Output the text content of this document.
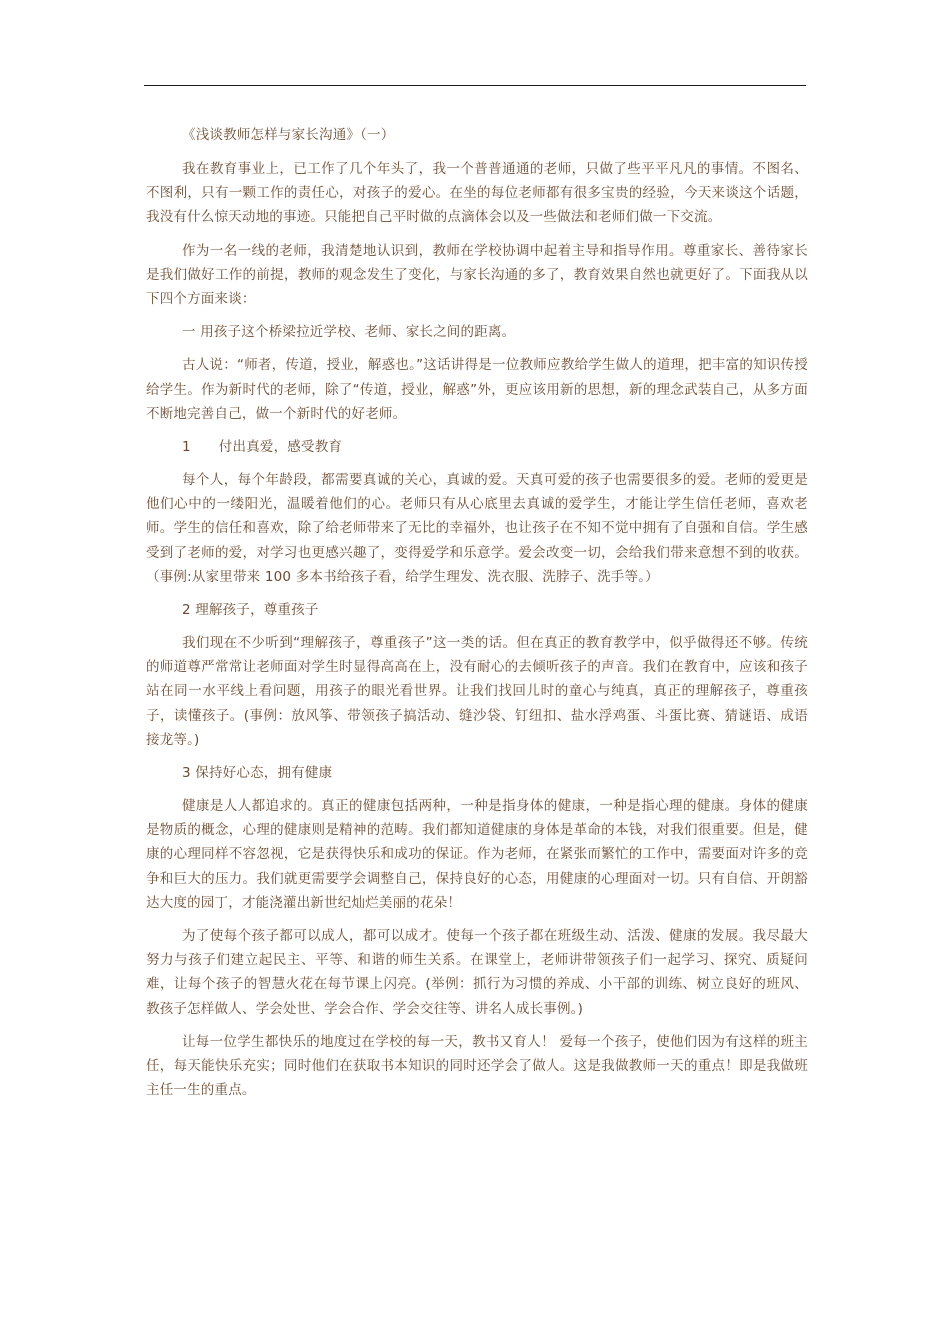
《浅谈教师怎样与家长沟通》（一）

我在教育事业上，已工作了几个年头了，我一个普普通通的老师，只做了些平平凡凡的事情。不图名、不图利，只有一颗工作的责任心，对孩子的爱心。在坐的每位老师都有很多宝贵的经验，今天来谈这个话题，我没有什么惊天动地的事迹。只能把自己平时做的点滴体会以及一些做法和老师们做一下交流。

作为一名一线的老师，我清楚地认识到，教师在学校协调中起着主导和指导作用。尊重家长、善待家长是我们做好工作的前提，教师的观念发生了变化，与家长沟通的多了，教育效果自然也就更好了。下面我从以下四个方面来谈：

一 用孩子这个桥梁拉近学校、老师、家长之间的距离。

古人说：“师者，传道，授业，解惑也。”这话讲得是一位教师应教给学生做人的道理，把丰富的知识传授给学生。作为新时代的老师，除了“传道，授业，解惑”外，更应该用新的思想，新的理念武装自己，从多方面不断地完善自己，做一个新时代的好老师。

1 付出真爱，感受教育

每个人，每个年龄段，都需要真诚的关心，真诚的爱。天真可爱的孩子也需要很多的爱。老师的爱更是他们心中的一缕阳光，温暖着他们的心。老师只有从心底里去真诚的爱学生，才能让学生信任老师，喜欢老师。学生的信任和喜欢，除了给老师带来了无比的幸福外，也让孩子在不知不觉中拥有了自强和自信。学生感受到了老师的爱，对学习也更感兴趣了，变得爱学和乐意学。爱会改变一切，会给我们带来意想不到的收获。（事例:从家里带来 100 多本书给孩子看，给学生理发、洗衣服、洗脖子、洗手等。）

2 理解孩子，尊重孩子

我们现在不少听到“理解孩子，尊重孩子”这一类的话。但在真正的教育教学中，似乎做得还不够。传统的师道尊严常常让老师面对学生时显得高高在上，没有耐心的去倾听孩子的声音。我们在教育中，应该和孩子站在同一水平线上看问题，用孩子的眼光看世界。让我们找回儿时的童心与纯真，真正的理解孩子，尊重孩子，读懂孩子。(事例：放风筝、带领孩子搞活动、缝沙袋、钉纽扣、盐水浮鸡蛋、斗蛋比赛、猜谜语、成语接龙等。)

3 保持好心态，拥有健康

健康是人人都追求的。真正的健康包括两种，一种是指身体的健康，一种是指心理的健康。身体的健康是物质的概念，心理的健康则是精神的范畴。我们都知道健康的身体是革命的本钱，对我们很重要。但是，健康的心理同样不容忽视，它是获得快乐和成功的保证。作为老师，在紧张而繁忙的工作中，需要面对许多的竞争和巨大的压力。我们就更需要学会调整自己，保持良好的心态，用健康的心理面对一切。只有自信、开朗豁达大度的园丁，才能浇灌出新世纪灿烂美丽的花朵！

为了使每个孩子都可以成人，都可以成才。使每一个孩子都在班级生动、活泼、健康的发展。我尽最大努力与孩子们建立起民主、平等、和谐的师生关系。在课堂上，老师讲带领孩子们一起学习、探究、质疑问难，让每个孩子的智慧火花在每节课上闪亮。(举例：抓行为习惯的养成、小干部的训练、树立良好的班风、教孩子怎样做人、学会处世、学会合作、学会交往等、讲名人成长事例。)

让每一位学生都快乐的地度过在学校的每一天，教书又育人！ 爱每一个孩子，使他们因为有这样的班主任，每天能快乐充实；同时他们在获取书本知识的同时还学会了做人。这是我做教师一天的重点！即是我做班主任一生的重点。
